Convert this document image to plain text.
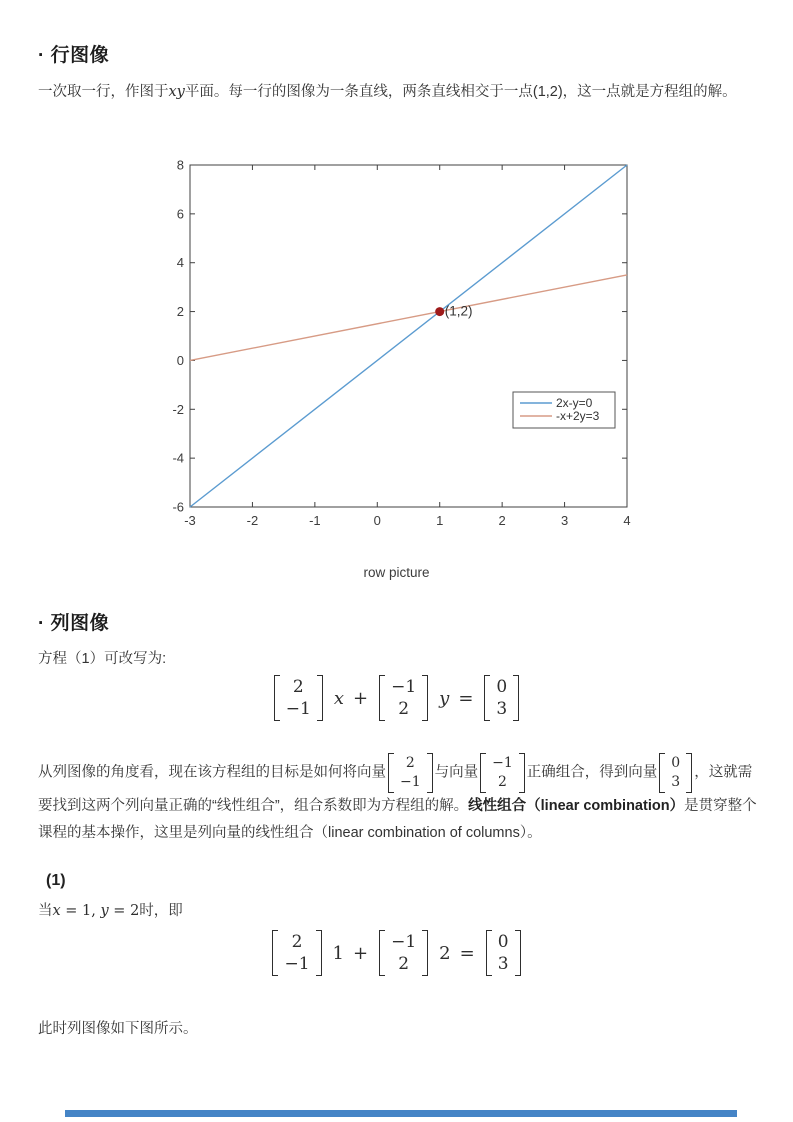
· 行图像
一次取一行，作图于xy平面。每一行的图像为一条直线，两条直线相交于一点(1,2)，这一点就是方程组的解。
-3	-2	-1	0	1	2	3	4
-6
-4
-2
0
2
4
6
8
(1,2)
2x-y=0
-x+2y=3
row picture
· 列图像
方程（1）可改写为:
2
−1
x +
−1
2
y =
0
3
从列图像的角度看，现在该方程组的目标是如何将向量
2
−1
与向量
−1
2
正确组合，得到向量
0
3
，这就需要找到这两个列向量正确的“线性组合”，组合系数即为方程组的解。线性组合（linear combination）是贯穿整个课程的基本操作，这里是列向量的线性组合（linear combination of columns）。
(1)
当x = 1, y = 2时，即
2
−1
1 +
−1
2
2 =
0
3
此时列图像如下图所示。
